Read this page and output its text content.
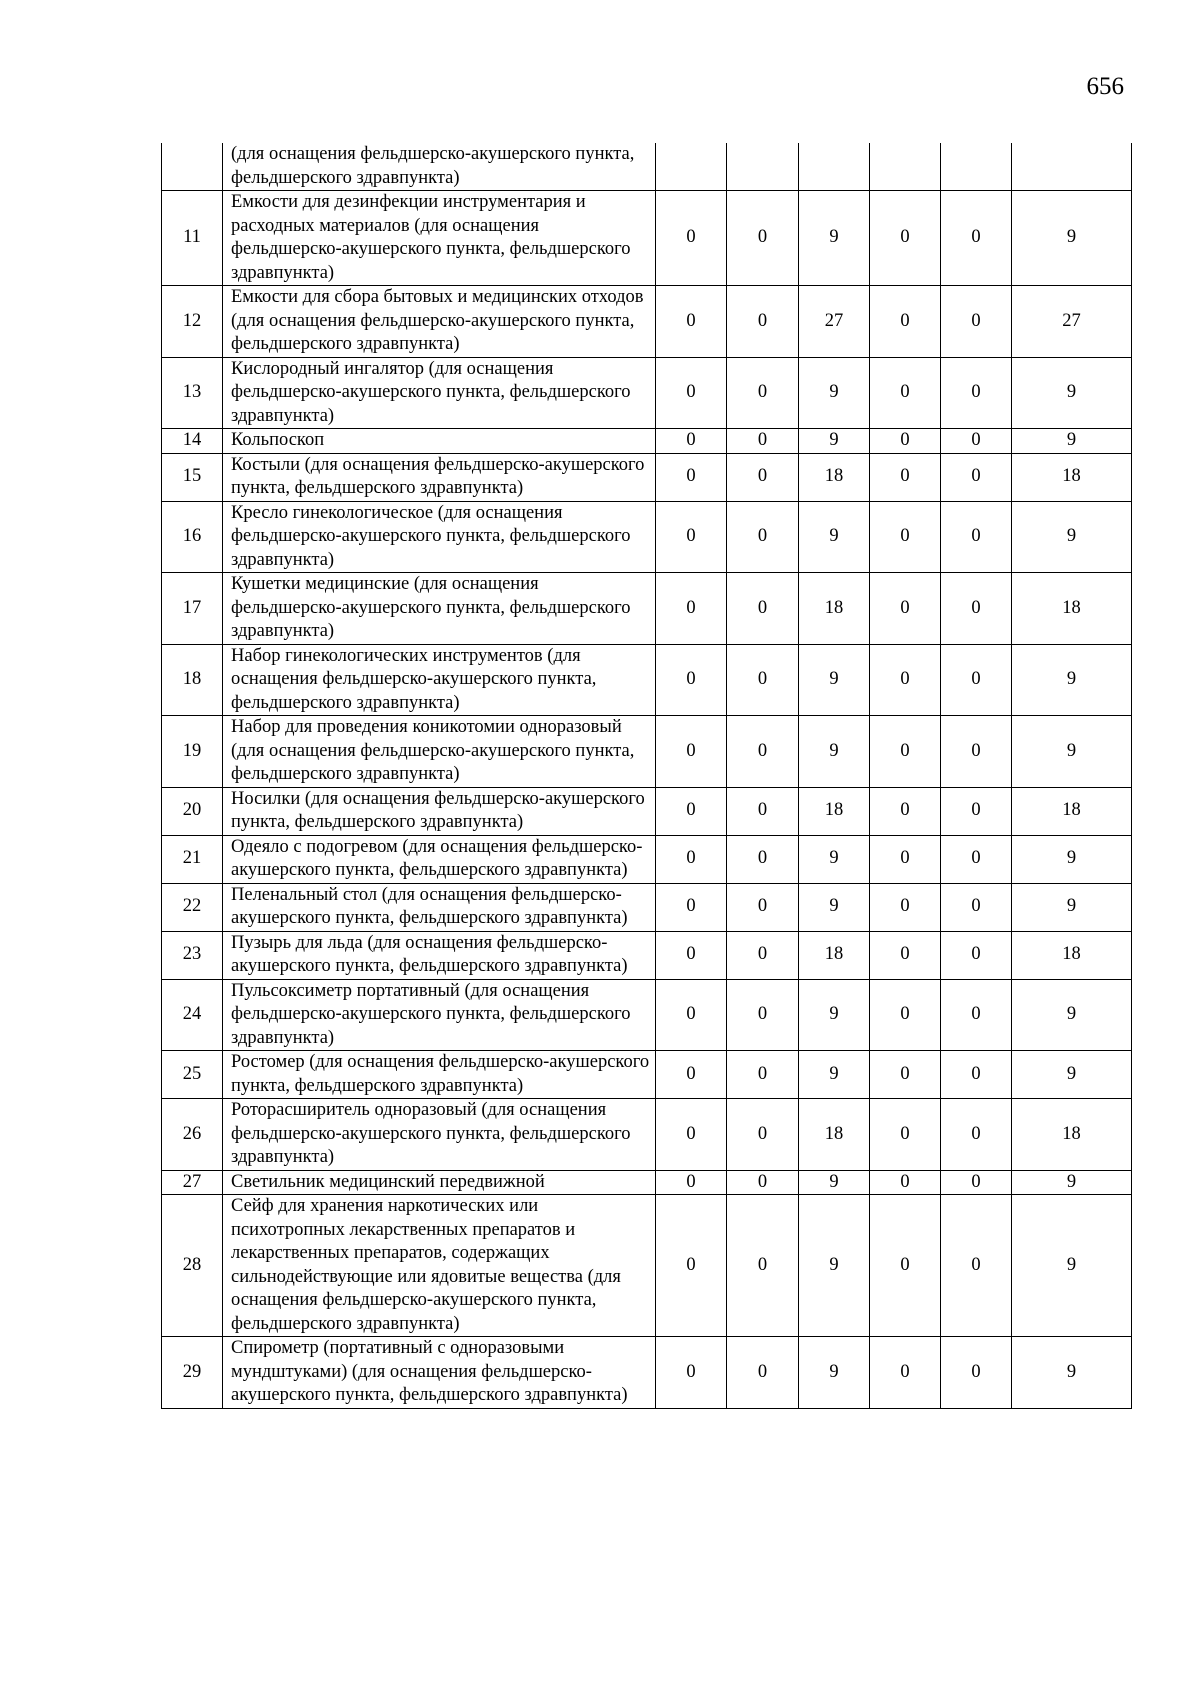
656
	(для оснащения фельдшерско-акушерского пункта, фельдшерского здравпункта)						
11	Емкости для дезинфекции инструментария и расходных материалов (для оснащения фельдшерско-акушерского пункта, фельдшерского здравпункта)	0	0	9	0	0	9
12	Емкости для сбора бытовых и медицинских отходов (для оснащения фельдшерско-акушерского пункта, фельдшерского здравпункта)	0	0	27	0	0	27
13	Кислородный ингалятор (для оснащения фельдшерско-акушерского пункта, фельдшерского здравпункта)	0	0	9	0	0	9
14	Кольпоскоп	0	0	9	0	0	9
15	Костыли (для оснащения фельдшерско-акушерского пункта, фельдшерского здравпункта)	0	0	18	0	0	18
16	Кресло гинекологическое (для оснащения фельдшерско-акушерского пункта, фельдшерского здравпункта)	0	0	9	0	0	9
17	Кушетки медицинские (для оснащения фельдшерско-акушерского пункта, фельдшерского здравпункта)	0	0	18	0	0	18
18	Набор гинекологических инструментов (для оснащения фельдшерско-акушерского пункта, фельдшерского здравпункта)	0	0	9	0	0	9
19	Набор для проведения коникотомии одноразовый (для оснащения фельдшерско-акушерского пункта, фельдшерского здравпункта)	0	0	9	0	0	9
20	Носилки (для оснащения фельдшерско-акушерского пункта, фельдшерского здравпункта)	0	0	18	0	0	18
21	Одеяло с подогревом (для оснащения фельдшерско-акушерского пункта, фельдшерского здравпункта)	0	0	9	0	0	9
22	Пеленальный стол (для оснащения фельдшерско-акушерского пункта, фельдшерского здравпункта)	0	0	9	0	0	9
23	Пузырь для льда (для оснащения фельдшерско-акушерского пункта, фельдшерского здравпункта)	0	0	18	0	0	18
24	Пульсоксиметр портативный (для оснащения фельдшерско-акушерского пункта, фельдшерского здравпункта)	0	0	9	0	0	9
25	Ростомер (для оснащения фельдшерско-акушерского пункта, фельдшерского здравпункта)	0	0	9	0	0	9
26	Роторасширитель одноразовый (для оснащения фельдшерско-акушерского пункта, фельдшерского здравпункта)	0	0	18	0	0	18
27	Светильник медицинский передвижной	0	0	9	0	0	9
28	Сейф для хранения наркотических или психотропных лекарственных препаратов и лекарственных препаратов, содержащих сильнодействующие или ядовитые вещества (для оснащения фельдшерско-акушерского пункта, фельдшерского здравпункта)	0	0	9	0	0	9
29	Спирометр (портативный с одноразовыми мундштуками) (для оснащения фельдшерско-акушерского пункта, фельдшерского здравпункта)	0	0	9	0	0	9
